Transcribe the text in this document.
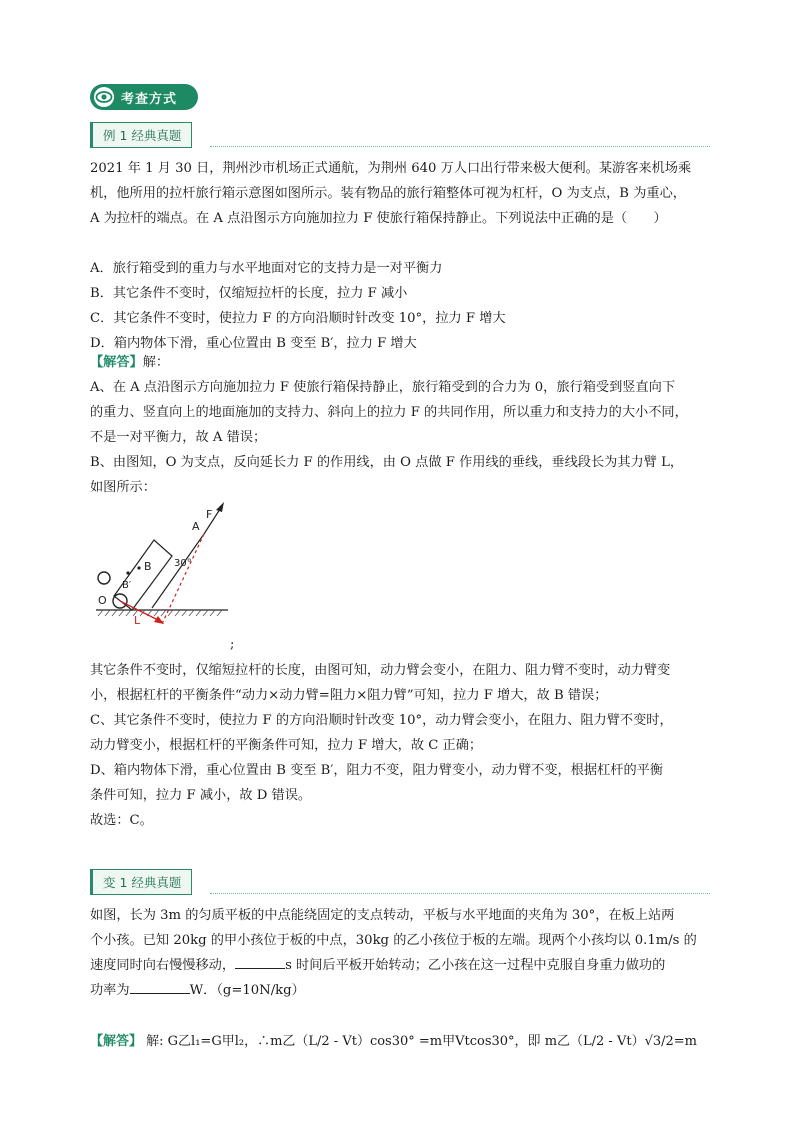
考查方式
例 1 经典真题
2021 年 1 月 30 日，荆州沙市机场正式通航，为荆州 640 万人口出行带来极大便利。某游客来机场乘
机，他所用的拉杆旅行箱示意图如图所示。装有物品的旅行箱整体可视为杠杆，O 为支点，B 为重心，
A 为拉杆的端点。在 A 点沿图示方向施加拉力 F 使旅行箱保持静止。下列说法中正确的是（　　）
A．旅行箱受到的重力与水平地面对它的支持力是一对平衡力
B．其它条件不变时，仅缩短拉杆的长度，拉力 F 减小
C．其它条件不变时，使拉力 F 的方向沿顺时针改变 10°，拉力 F 增大
D．箱内物体下滑，重心位置由 B 变至 B′，拉力 F 增大
【解答】解：
A、在 A 点沿图示方向施加拉力 F 使旅行箱保持静止，旅行箱受到的合力为 0，旅行箱受到竖直向下
的重力、竖直向上的地面施加的支持力、斜向上的拉力 F 的共同作用，所以重力和支持力的大小不同，
不是一对平衡力，故 A 错误；
B、由图知，O 为支点，反向延长力 F 的作用线，由 O 点做 F 作用线的垂线，垂线段长为其力臂 L，
如图所示：
F
A
30°
B
B′
O
L
;
其它条件不变时，仅缩短拉杆的长度，由图可知，动力臂会变小，在阻力、阻力臂不变时，动力臂变
小，根据杠杆的平衡条件“动力×动力臂=阻力×阻力臂”可知，拉力 F 增大，故 B 错误；
C、其它条件不变时，使拉力 F 的方向沿顺时针改变 10°，动力臂会变小，在阻力、阻力臂不变时，
动力臂变小，根据杠杆的平衡条件可知，拉力 F 增大，故 C 正确；
D、箱内物体下滑，重心位置由 B 变至 B′，阻力不变，阻力臂变小，动力臂不变，根据杠杆的平衡
条件可知，拉力 F 减小，故 D 错误。
故选：C。
变 1 经典真题
如图，长为 3m 的匀质平板的中点能绕固定的支点转动，平板与水平地面的夹角为 30°，在板上站两
个小孩。已知 20kg 的甲小孩位于板的中点，30kg 的乙小孩位于板的左端。现两个小孩均以 0.1m/s 的
速度同时向右慢慢移动，	s 时间后平板开始转动；乙小孩在这一过程中克服自身重力做功的
功率为	W．（g=10N/kg）
【解答】 解: G乙l₁=G甲l₂，∴m乙（L/2 - Vt）cos30° =m甲Vtcos30°，即 m乙（L/2 - Vt）√3/2=m
